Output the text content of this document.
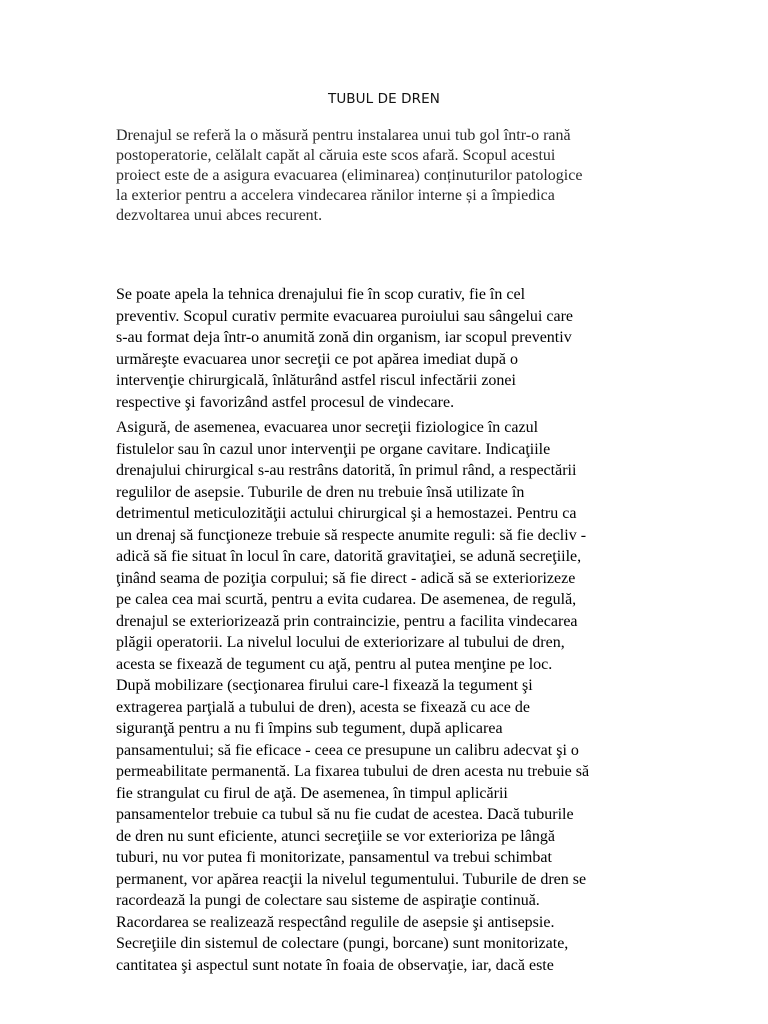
TUBUL DE DREN

Drenajul se referă la o măsură pentru instalarea unui tub gol într-o rană
postoperatorie, celălalt capăt al căruia este scos afară. Scopul acestui
proiect este de a asigura evacuarea (eliminarea) conținuturilor patologice
la exterior pentru a accelera vindecarea rănilor interne și a împiedica
dezvoltarea unui abces recurent.

Se poate apela la tehnica drenajului fie în scop curativ, fie în cel
preventiv. Scopul curativ permite evacuarea puroiului sau sângelui care
s-au format deja într-o anumită zonă din organism, iar scopul preventiv
urmăreşte evacuarea unor secreţii ce pot apărea imediat după o
intervenţie chirurgicală, înlăturând astfel riscul infectării zonei
respective şi favorizând astfel procesul de vindecare.

Asigură, de asemenea, evacuarea unor secreţii fiziologice în cazul
fistulelor sau în cazul unor intervenţii pe organe cavitare. Indicaţiile
drenajului chirurgical s-au restrâns datorită, în primul rând, a respectării
regulilor de asepsie. Tuburile de dren nu trebuie însă utilizate în
detrimentul meticulozităţii actului chirurgical şi a hemostazei. Pentru ca
un drenaj să funcţioneze trebuie să respecte anumite reguli: să fie decliv -
adică să fie situat în locul în care, datorită gravitaţiei, se adună secreţiile,
ţinând seama de poziţia corpului; să fie direct - adică să se exteriorizeze
pe calea cea mai scurtă, pentru a evita cudarea. De asemenea, de regulă,
drenajul se exteriorizează prin contraincizie, pentru a facilita vindecarea
plăgii operatorii. La nivelul locului de exteriorizare al tubului de dren,
acesta se fixează de tegument cu aţă, pentru al putea menţine pe loc.
După mobilizare (secţionarea firului care-l fixează la tegument şi
extragerea parţială a tubului de dren), acesta se fixează cu ace de
siguranţă pentru a nu fi împins sub tegument, după aplicarea
pansamentului; să fie eficace - ceea ce presupune un calibru adecvat şi o
permeabilitate permanentă. La fixarea tubului de dren acesta nu trebuie să
fie strangulat cu firul de aţă. De asemenea, în timpul aplicării
pansamentelor trebuie ca tubul să nu fie cudat de acestea. Dacă tuburile
de dren nu sunt eficiente, atunci secreţiile se vor exterioriza pe lângă
tuburi, nu vor putea fi monitorizate, pansamentul va trebui schimbat
permanent, vor apărea reacţii la nivelul tegumentului. Tuburile de dren se
racordează la pungi de colectare sau sisteme de aspiraţie continuă.
Racordarea se realizează respectând regulile de asepsie şi antisepsie.
Secreţiile din sistemul de colectare (pungi, borcane) sunt monitorizate,
cantitatea şi aspectul sunt notate în foaia de observaţie, iar, dacă este
